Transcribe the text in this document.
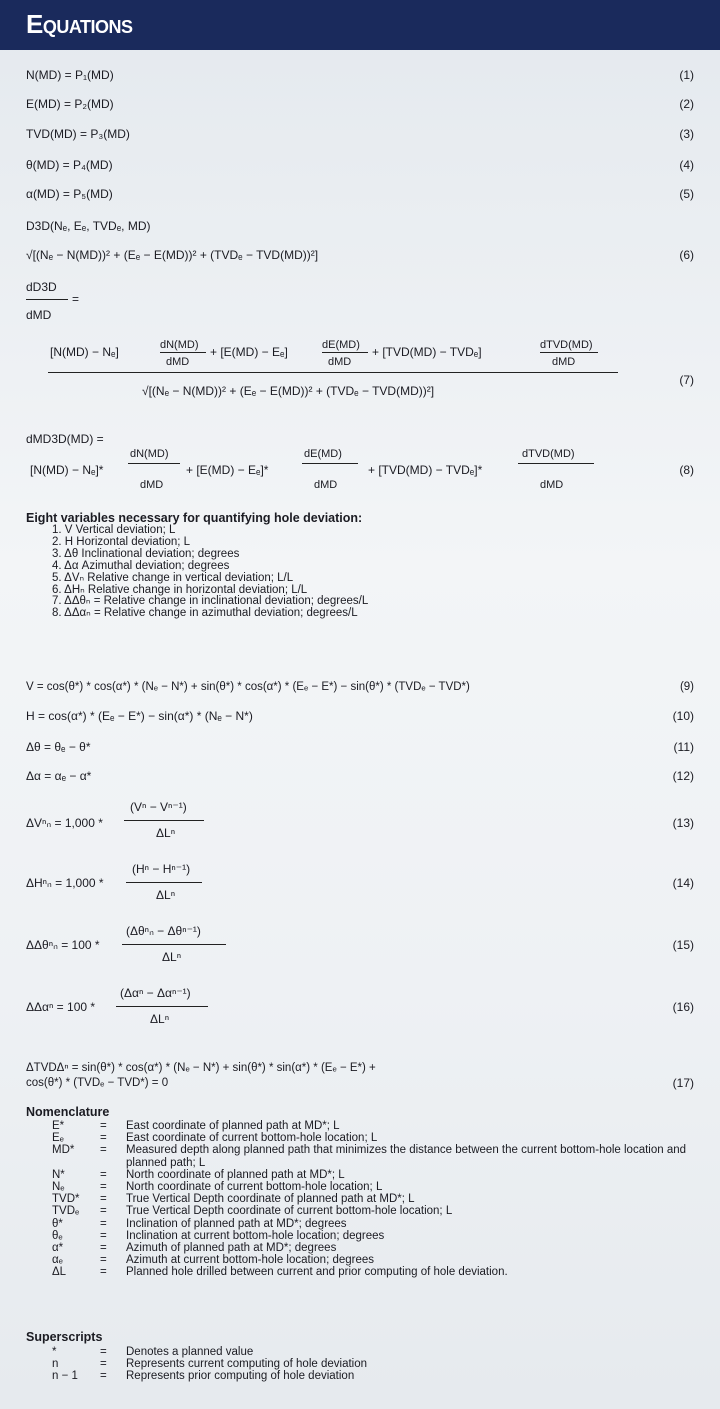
Equations
N(MD) = P₁(MD)	(1)
E(MD) = P₂(MD)	(2)
TVD(MD) = P₃(MD)	(3)
θ(MD) = P₄(MD)	(4)
α(MD) = P₅(MD)	(5)
D3D(Nₑ, Eₑ, TVDₑ, MD)
√[(Nₑ − N(MD))² + (Eₑ − E(MD))² + (TVDₑ − TVD(MD))²]	(6)
dD3D
=
dMD
[N(MD) − Nₑ]	dN(MD)
dMD
+ [E(MD) − Eₑ]	dE(MD)
dMD
+ [TVD(MD) − TVDₑ]	dTVD(MD)
dMD
√[(Nₑ − N(MD))² + (Eₑ − E(MD))² + (TVDₑ − TVD(MD))²]
(7)
dMD3D(MD) =
[N(MD) − Nₑ]*
dN(MD)
dMD
+ [E(MD) − Eₑ]*
dE(MD)
dMD
+ [TVD(MD) − TVDₑ]*
dTVD(MD)
dMD
(8)
Eight variables necessary for quantifying hole deviation:
1. V Vertical deviation; L
2. H Horizontal deviation; L
3. Δθ Inclinational deviation; degrees
4. Δα Azimuthal deviation; degrees
5. ΔVₙ Relative change in vertical deviation; L/L
6. ΔHₙ Relative change in horizontal deviation; L/L
7. ΔΔθₙ = Relative change in inclinational deviation; degrees/L
8. ΔΔαₙ = Relative change in azimuthal deviation; degrees/L
V = cos(θ*) * cos(α*) * (Nₑ − N*) + sin(θ*) * cos(α*) * (Eₑ − E*) − sin(θ*) * (TVDₑ − TVD*)	(9)
H = cos(α*) * (Eₑ − E*) − sin(α*) * (Nₑ − N*)	(10)
Δθ = θₑ − θ*	(11)
Δα = αₑ − α*	(12)
ΔVⁿₙ = 1,000 *
(Vⁿ − Vⁿ⁻¹)
ΔLⁿ
(13)
ΔHⁿₙ = 1,000 *
(Hⁿ − Hⁿ⁻¹)
ΔLⁿ
(14)
ΔΔθⁿₙ = 100 *
(Δθⁿₙ − Δθⁿ⁻¹)
ΔLⁿ
(15)
ΔΔαⁿ = 100 *
(Δαⁿ − Δαⁿ⁻¹)
ΔLⁿ
(16)
ΔTVDΔⁿ = sin(θ*) * cos(α*) * (Nₑ − N*) + sin(θ*) * sin(α*) * (Eₑ − E*) +
cos(θ*) * (TVDₑ − TVD*) = 0	(17)
Nomenclature
E*	= East coordinate of planned path at MD*; L
Eₑ	= East coordinate of current bottom-hole location; L
MD* = Measured depth along planned path that minimizes the distance between the current bottom-hole location and planned path; L
N*	= North coordinate of planned path at MD*; L
Nₑ	= North coordinate of current bottom-hole location; L
TVD* = True Vertical Depth coordinate of planned path at MD*; L
TVDₑ = True Vertical Depth coordinate of current bottom-hole location; L
θ*	= Inclination of planned path at MD*; degrees
θₑ	= Inclination at current bottom-hole location; degrees
α*	= Azimuth of planned path at MD*; degrees
αₑ	= Azimuth at current bottom-hole location; degrees
ΔL	= Planned hole drilled between current and prior computing of hole deviation.
Superscripts
*	= Denotes a planned value
n	= Represents current computing of hole deviation
n − 1 = Represents prior computing of hole deviation
